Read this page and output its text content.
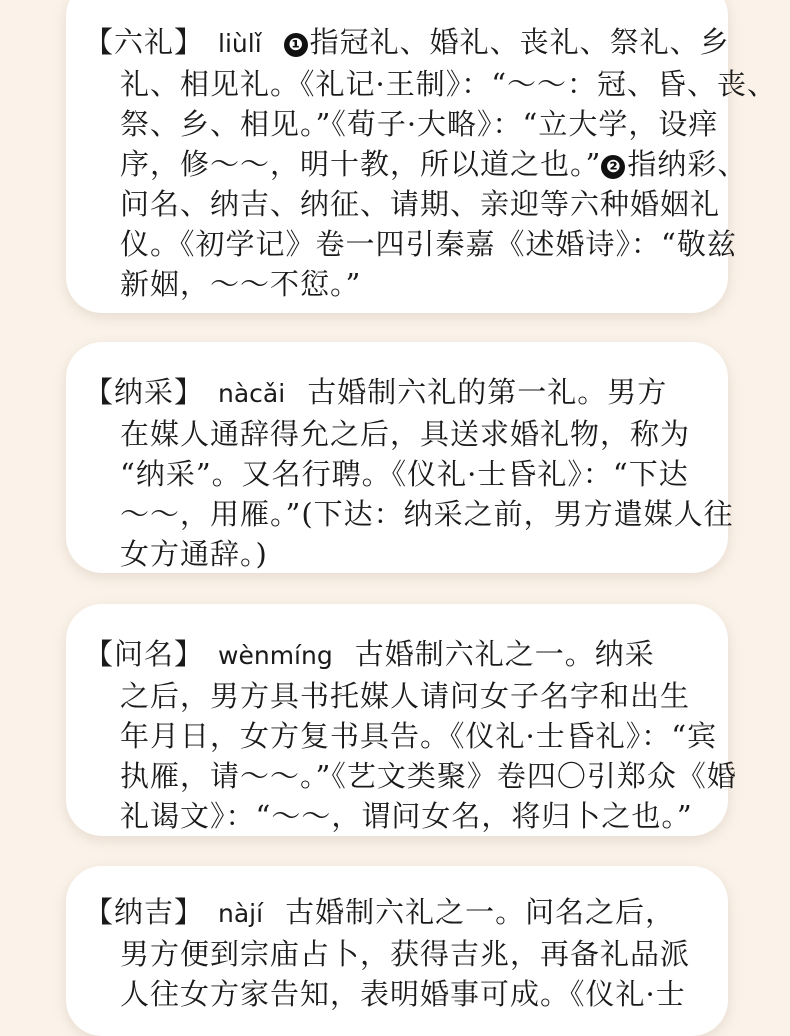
【六礼】 liùlǐ ❶ 指冠礼、婚礼、丧礼、祭礼、乡
礼、相见礼。《礼记·王制》：“～～：冠、昏、丧、
祭、乡、相见。”《荀子·大略》：“立大学，设痒
序，修～～，明十教，所以道之也。” ❷ 指纳彩、
问名、纳吉、纳征、请期、亲迎等六种婚姻礼
仪。《初学记》卷一四引秦嘉《述婚诗》：“敬兹
新姻，～～不愆。”
【纳采】 nàcǎi 古婚制六礼的第一礼。男方
在媒人通辞得允之后，具送求婚礼物，称为
“纳采”。又名行聘。《仪礼·士昏礼》：“下达
～～，用雁。”(下达：纳采之前，男方遣媒人往
女方通辞。)
【问名】 wènmíng 古婚制六礼之一。纳采
之后，男方具书托媒人请问女子名字和出生
年月日，女方复书具告。《仪礼·士昏礼》：“宾
执雁，请～～。”《艺文类聚》卷四〇引郑众《婚
礼谒文》：“～～，谓问女名，将归卜之也。”
【纳吉】 nàjí 古婚制六礼之一。问名之后，
男方便到宗庙占卜，获得吉兆，再备礼品派
人往女方家告知，表明婚事可成。《仪礼·士
